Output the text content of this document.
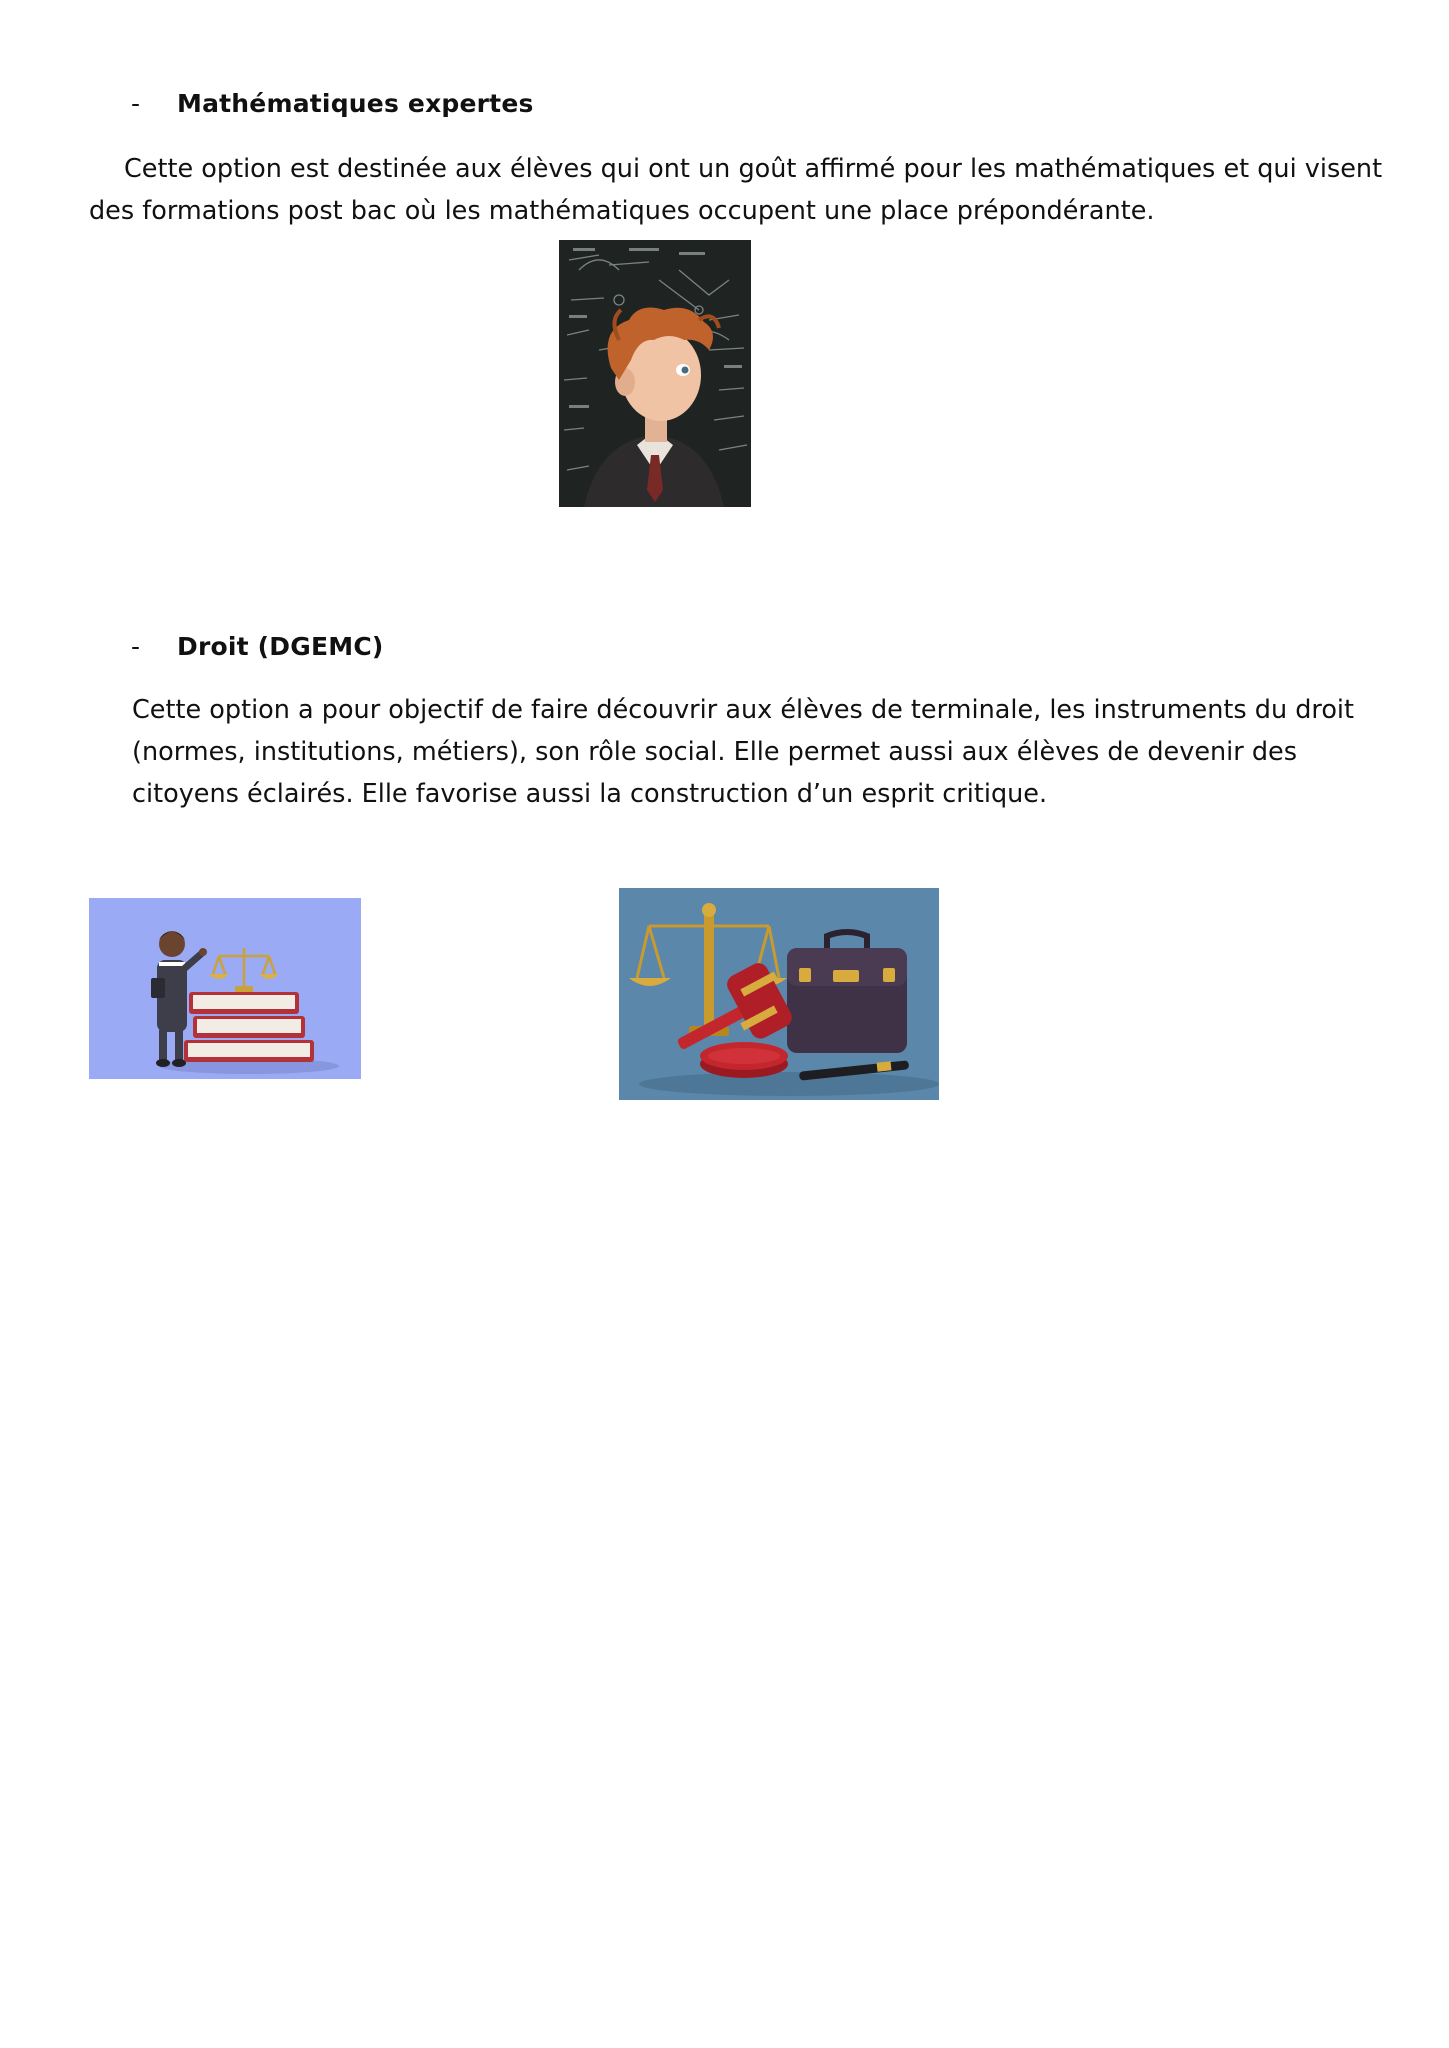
- Mathématiques expertes
Cette option est destinée aux élèves qui ont un goût affirmé pour les mathématiques et qui visent
des formations post bac où les mathématiques occupent une place prépondérante.
- Droit (DGEMC)
Cette option a pour objectif de faire découvrir aux élèves de terminale, les instruments du droit
(normes, institutions, métiers), son rôle social. Elle permet aussi aux élèves de devenir des
citoyens éclairés. Elle favorise aussi la construction d’un esprit critique.
